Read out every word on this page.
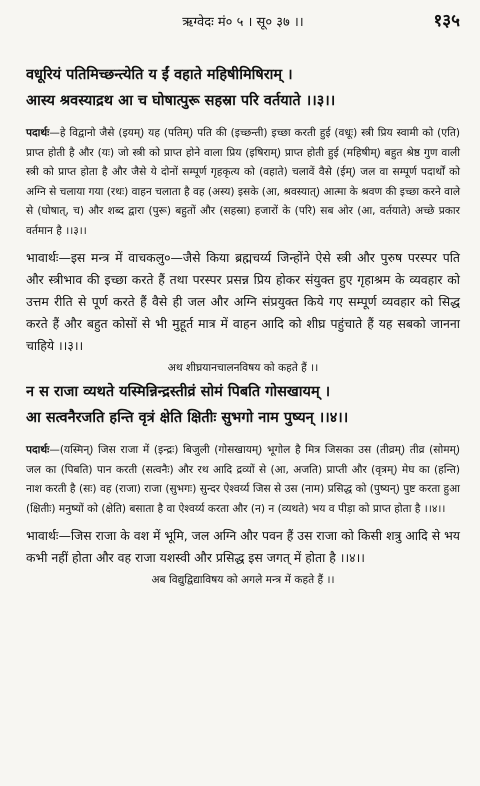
ऋग्वेदः मं० ५ । सू० ३७ ।।	१३५
वधूरियं पतिमिच्छन्त्येति य ईं वहाते महिषीमिषिराम् ।
आस्य श्रवस्याद्रथ आ च घोषात्पुरू सहस्रा परि वर्तयाते ।।३।।

पदार्थः—हे विद्वानो जैसे (इयम्) यह (पतिम्) पति की (इच्छन्ती) इच्छा करती हुई (वधूः) स्त्री प्रिय स्वामी को (एति) प्राप्त होती है और (यः) जो स्त्री को प्राप्त होने वाला प्रिय (इषिराम्) प्राप्त होती हुई (महिषीम्) बहुत श्रेष्ठ गुण वाली स्त्री को प्राप्त होता है और जैसे ये दोनों सम्पूर्ण गृहकृत्य को (वहाते) चलावें वैसे (ईम्) जल वा सम्पूर्ण पदार्थों को अग्नि से चलाया गया (रथः) वाहन चलाता है वह (अस्य) इसके (आ, श्रवस्यात्) आत्मा के श्रवण की इच्छा करने वाले से (घोषात्, च) और शब्द द्वारा (पुरू) बहुतों और (सहस्रा) हजारों के (परि) सब ओर (आ, वर्तयाते) अच्छे प्रकार वर्तमान है ।।३।।

भावार्थः—इस मन्त्र में वाचकलु०—जैसे किया ब्रह्मचर्य्य जिन्होंने ऐसे स्त्री और पुरुष परस्पर पति और स्त्रीभाव की इच्छा करते हैं तथा परस्पर प्रसन्न प्रिय होकर संयुक्त हुए गृहाश्रम के व्यवहार को उत्तम रीति से पूर्ण करते हैं वैसे ही जल और अग्नि संप्रयुक्त किये गए सम्पूर्ण व्यवहार को सिद्ध करते हैं और बहुत कोसों से भी मुहूर्त मात्र में वाहन आदि को शीघ्र पहुंचाते हैं यह सबको जानना चाहिये ।।३।।

अथ शीघ्रयानचालनविषय को कहते हैं ।।
न स राजा व्यथते यस्मिन्निन्द्रस्तीव्रं सोमं पिबति गोसखायम् ।
आ सत्वनैरजति हन्ति वृत्रं क्षेति क्षितीः सुभगो नाम पुष्यन् ।।४।।

पदार्थः—(यस्मिन्) जिस राजा में (इन्द्रः) बिजुली (गोसखायम्) भूगोल है मित्र जिसका उस (तीव्रम्) तीव्र (सोमम्) जल का (पिबति) पान करती (सत्वनैः) और रथ आदि द्रव्यों से (आ, अजति) प्राप्ती और (वृत्रम्) मेघ का (हन्ति) नाश करती है (सः) वह (राजा) राजा (सुभगः) सुन्दर ऐश्वर्य्य जिस से उस (नाम) प्रसिद्ध को (पुष्यन्) पुष्ट करता हुआ (क्षितीः) मनुष्यों को (क्षेति) बसाता है वा ऐश्वर्य्य करता और (न) न (व्यथते) भय व पीड़ा को प्राप्त होता है ।।४।।

भावार्थः—जिस राजा के वश में भूमि, जल अग्नि और पवन हैं उस राजा को किसी शत्रु आदि से भय कभी नहीं होता और वह राजा यशस्वी और प्रसिद्ध इस जगत् में होता है ।।४।।

अब विद्युद्विद्याविषय को अगले मन्त्र में कहते हैं ।।
